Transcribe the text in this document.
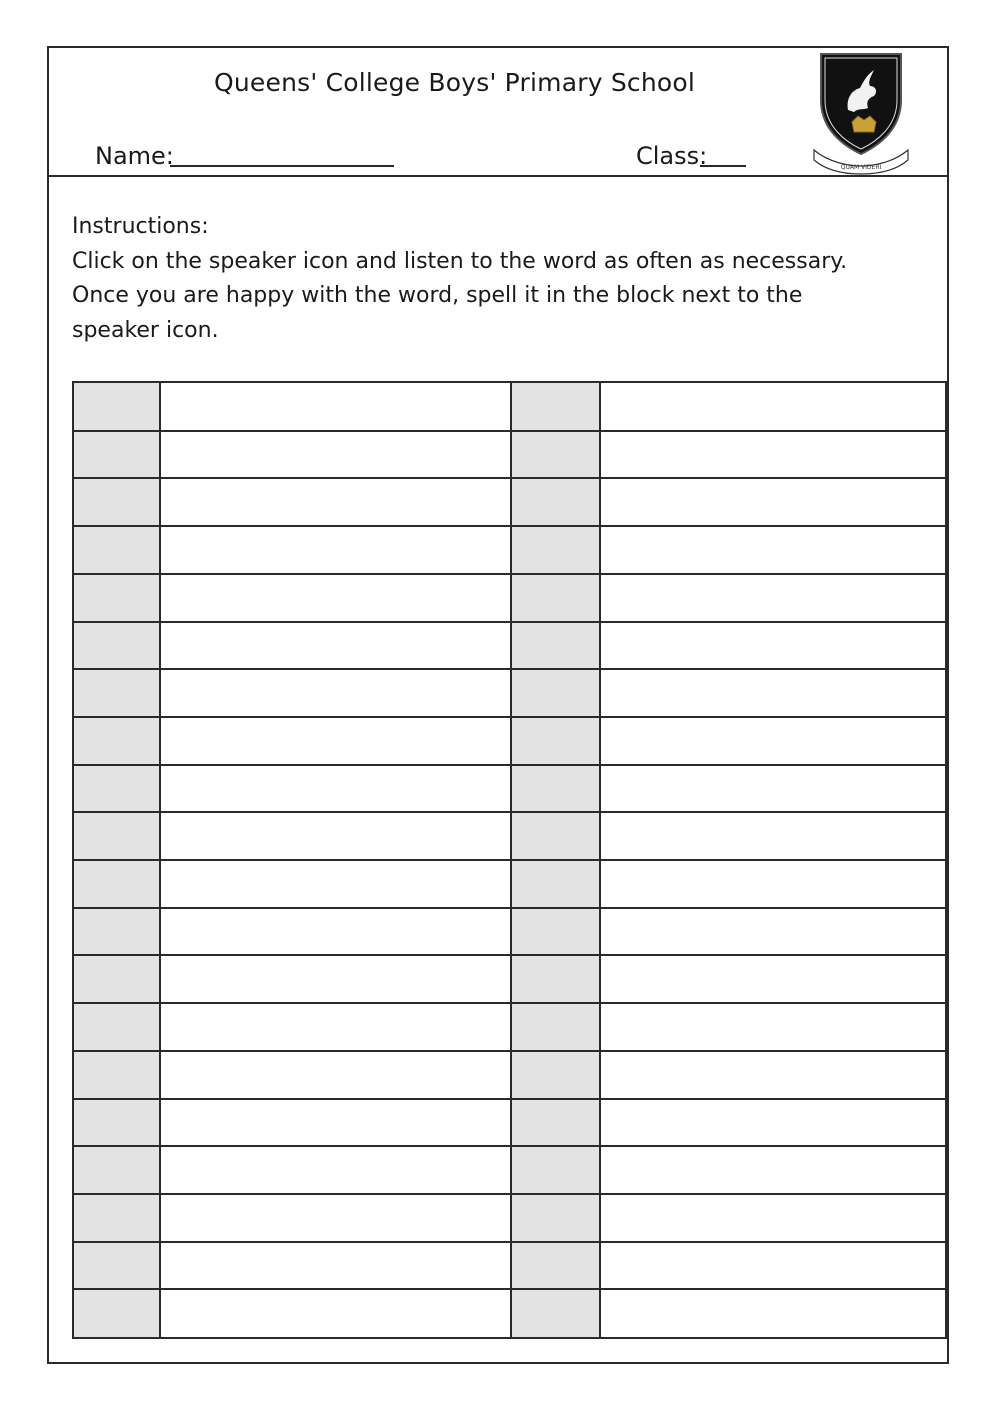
Queens' College Boys' Primary School
Name:	Class:	QUAM VIDERI
Instructions:
Click on the speaker icon and listen to the word as often as necessary.
Once you are happy with the word, spell it in the block next to the
speaker icon.
